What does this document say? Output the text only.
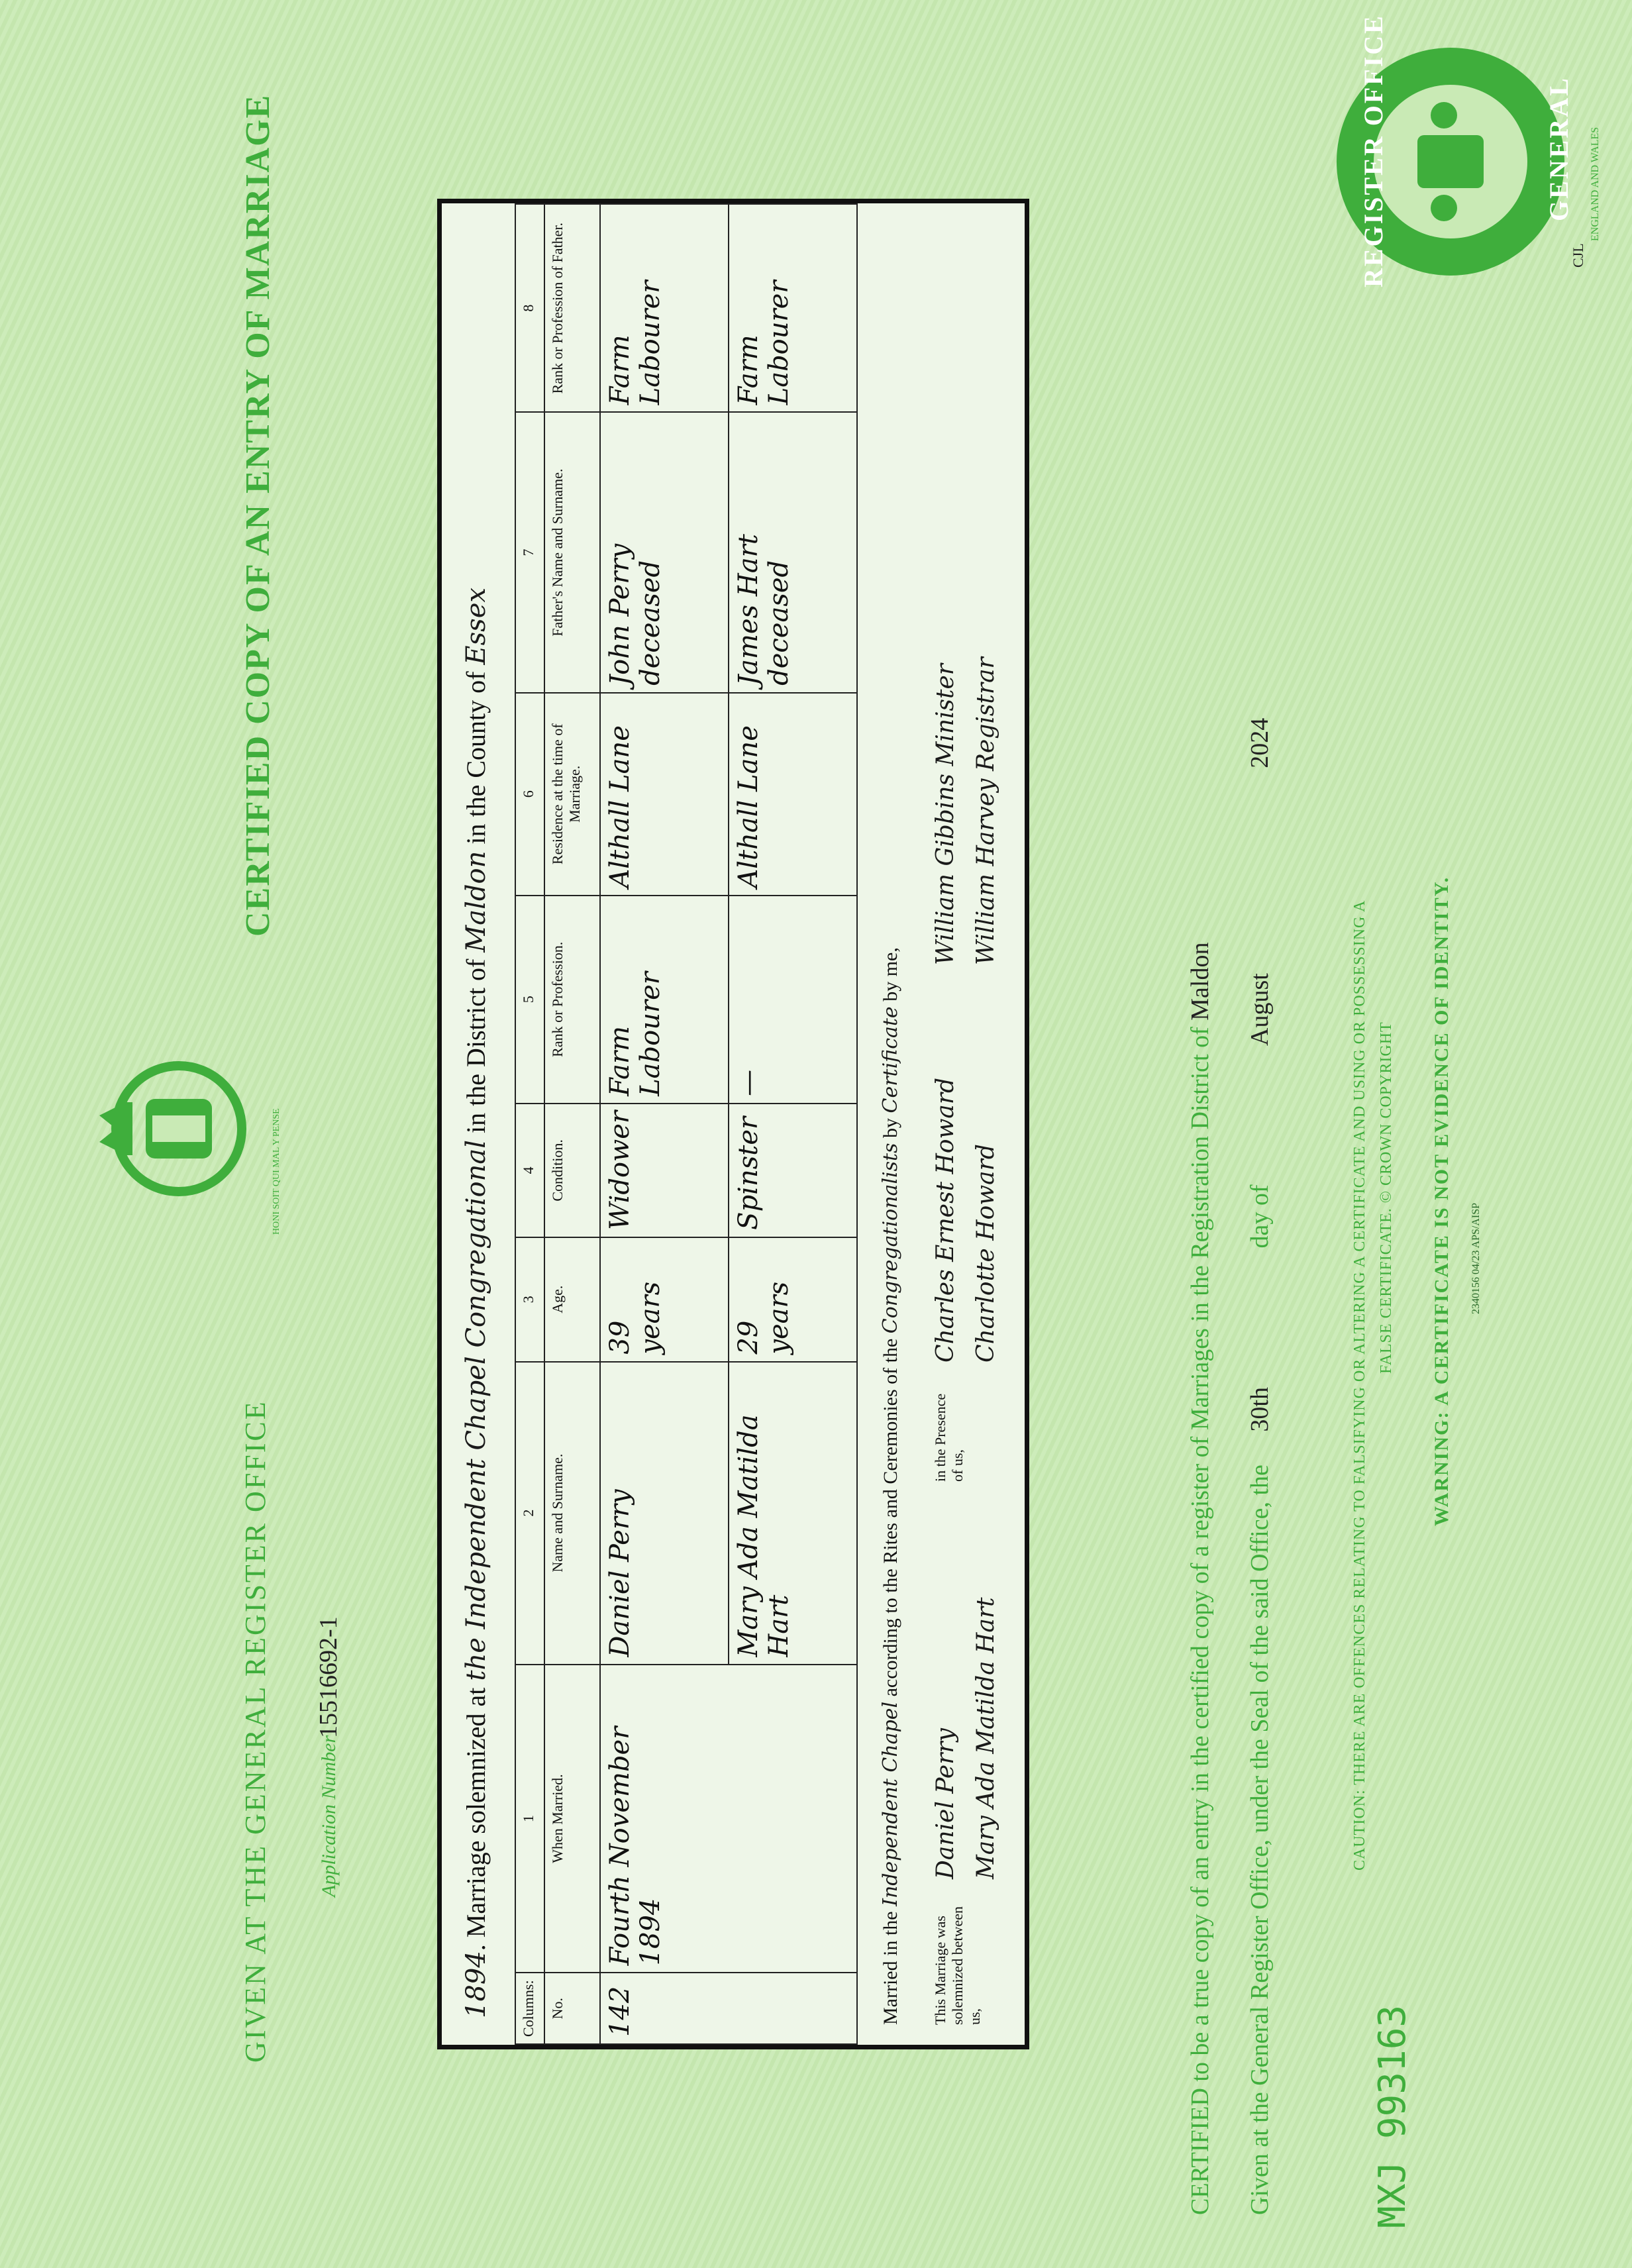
CERTIFIED COPY OF AN ENTRY OF MARRIAGE
GIVEN AT THE GENERAL REGISTER OFFICE Application Number
15516692-1
1894. Marriage solemnized at the Independent Chapel Congregational in the District of Maldon in the County of Essex
Columns:	1	2	3	4	5	6	7	8
No.	When Married.	Name and Surname.	Age.	Condition.	Rank or Profession.	Residence at the time of Marriage.	Father's Name and Surname.	Rank or Profession of Father.
142	Fourth November 1894	Daniel Perry	39 years	Widower	Farm Labourer	Althall Lane	John Perry deceased	Farm Labourer
		Mary Ada Matilda Hart	29 years	Spinster	—	Althall Lane	James Hart deceased	Farm Labourer
Married in the Independent Chapel according to the Rites and Ceremonies of the Congregationalists by Certificate by me,
This Marriage was solemnized between us,
Daniel Perry Mary Ada Matilda Hart
in the Presence of us,
Charles Ernest Howard Charlotte Howard
William Gibbins Minister William Harvey Registrar
CERTIFIED to be a true copy of an entry in the certified copy of a register of Marriages in the Registration District of Maldon
Given at the General Register Office, under the Seal of the said Office, the 30th day of August 2024
CAUTION: THERE ARE OFFENCES RELATING TO FALSIFYING OR ALTERING A CERTIFICATE AND USING OR POSSESSING A FALSE CERTIFICATE. © CROWN COPYRIGHT WARNING: A CERTIFICATE IS NOT EVIDENCE OF IDENTITY. 2340156 04/23 APS/AISP
MXJ 993163
REGISTER OFFICE	GENERAL ENGLAND AND WALES
CJL
HONI SOIT QUI MAL Y PENSE
